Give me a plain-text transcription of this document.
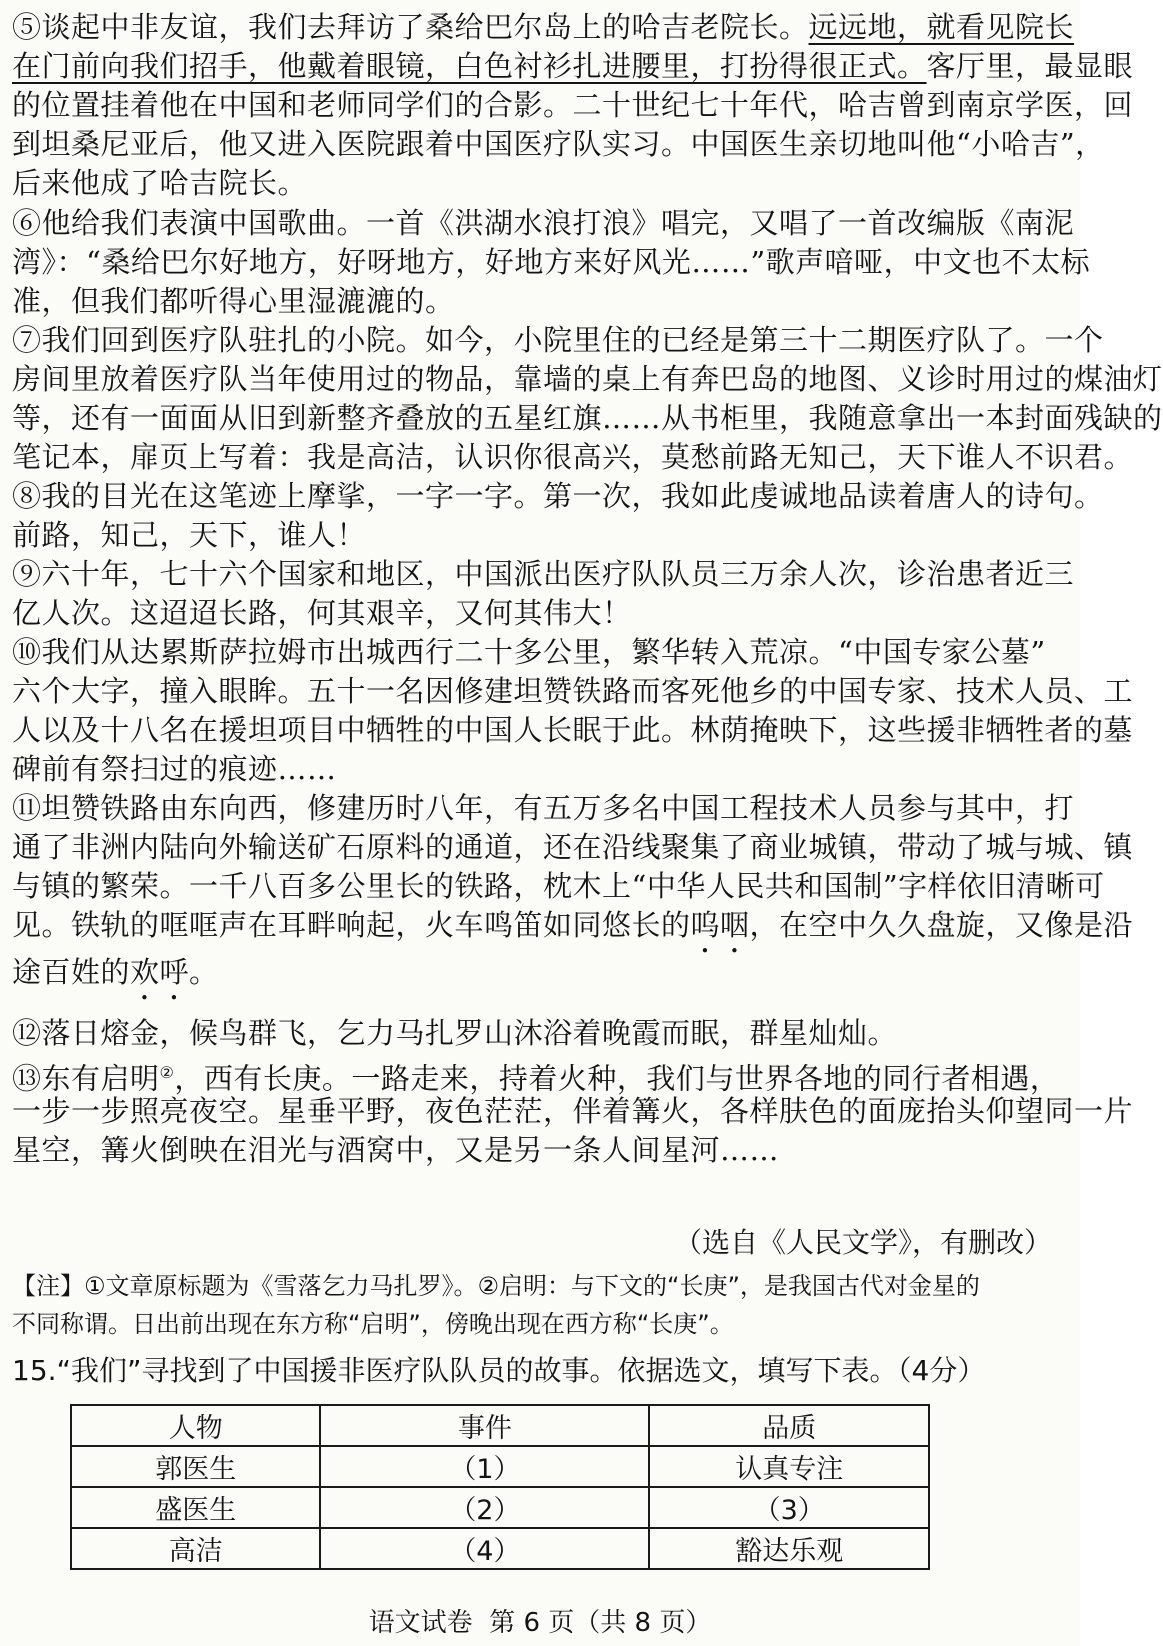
⑤谈起中非友谊，我们去拜访了桑给巴尔岛上的哈吉老院长。远远地，就看见院长
在门前向我们招手，他戴着眼镜，白色衬衫扎进腰里，打扮得很正式。客厅里，最显眼
的位置挂着他在中国和老师同学们的合影。二十世纪七十年代，哈吉曾到南京学医，回
到坦桑尼亚后，他又进入医院跟着中国医疗队实习。中国医生亲切地叫他“小哈吉”，
后来他成了哈吉院长。
⑥他给我们表演中国歌曲。一首《洪湖水浪打浪》唱完，又唱了一首改编版《南泥
湾》：“桑给巴尔好地方，好呀地方，好地方来好风光……”歌声喑哑，中文也不太标
准，但我们都听得心里湿漉漉的。
⑦我们回到医疗队驻扎的小院。如今，小院里住的已经是第三十二期医疗队了。一个
房间里放着医疗队当年使用过的物品，靠墙的桌上有奔巴岛的地图、义诊时用过的煤油灯
等，还有一面面从旧到新整齐叠放的五星红旗……从书柜里，我随意拿出一本封面残缺的
笔记本，扉页上写着：我是高洁，认识你很高兴，莫愁前路无知己，天下谁人不识君。
⑧我的目光在这笔迹上摩挲，一字一字。第一次，我如此虔诚地品读着唐人的诗句。
前路，知己，天下，谁人！
⑨六十年，七十六个国家和地区，中国派出医疗队队员三万余人次，诊治患者近三
亿人次。这迢迢长路，何其艰辛，又何其伟大！
⑩我们从达累斯萨拉姆市出城西行二十多公里，繁华转入荒凉。“中国专家公墓”
六个大字，撞入眼眸。五十一名因修建坦赞铁路而客死他乡的中国专家、技术人员、工
人以及十八名在援坦项目中牺牲的中国人长眠于此。林荫掩映下，这些援非牺牲者的墓
碑前有祭扫过的痕迹……
⑪坦赞铁路由东向西，修建历时八年，有五万多名中国工程技术人员参与其中，打
通了非洲内陆向外输送矿石原料的通道，还在沿线聚集了商业城镇，带动了城与城、镇
与镇的繁荣。一千八百多公里长的铁路，枕木上“中华人民共和国制”字样依旧清晰可
见。铁轨的哐哐声在耳畔响起，火车鸣笛如同悠长的呜咽，在空中久久盘旋，又像是沿
途百姓的欢呼。
⑫落日熔金，候鸟群飞，乞力马扎罗山沐浴着晚霞而眠，群星灿灿。
⑬东有启明②，西有长庚。一路走来，持着火种，我们与世界各地的同行者相遇，
一步一步照亮夜空。星垂平野，夜色茫茫，伴着篝火，各样肤色的面庞抬头仰望同一片
星空，篝火倒映在泪光与酒窝中，又是另一条人间星河……
（选自《人民文学》，有删改）
【注】①文章原标题为《雪落乞力马扎罗》。②启明：与下文的“长庚”，是我国古代对金星的
不同称谓。日出前出现在东方称“启明”，傍晚出现在西方称“长庚”。
15.“我们”寻找到了中国援非医疗队队员的故事。依据选文，填写下表。（4分）
人物	事件	品质
郭医生	（1）	认真专注
盛医生	（2）	（3）
高洁	（4）	豁达乐观
语文试卷  第 6 页（共 8 页）
